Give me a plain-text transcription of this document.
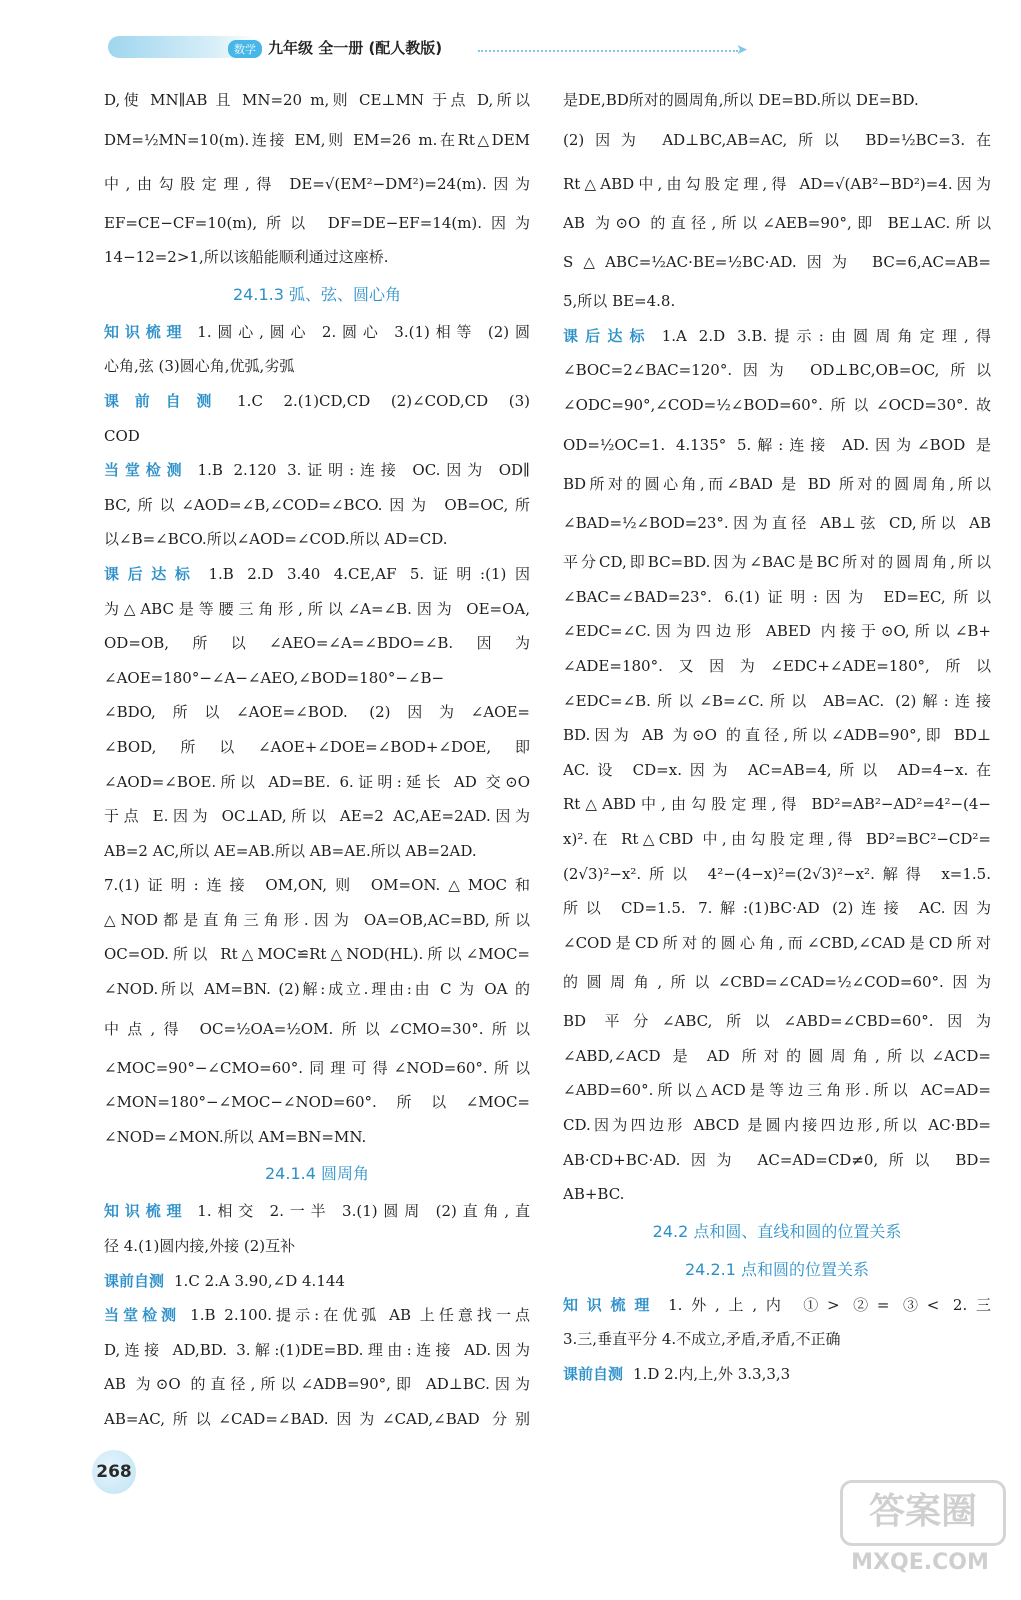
数学 九年级 全一册 (配人教版)	➤
D,使 MN∥AB 且 MN=20 m,则 CE⊥MN 于点 D,所以
DM=½MN=10(m).连接 EM,则 EM=26 m.在Rt△DEM
中,由勾股定理,得 DE=√(EM²−DM²)=24(m).因为
EF=CE−CF=10(m),所以 DF=DE−EF=14(m).因为
14−12=2>1,所以该船能顺利通过这座桥.
24.1.3 弧、弦、圆心角
知识梳理 1.圆心,圆心 2.圆心 3.(1)相等 (2)圆
心角,弦 (3)圆心角,优弧,劣弧
课前自测 1.C 2.(1)CD,CD (2)∠COD,CD (3)
COD
当堂检测 1.B 2.120 3.证明:连接 OC.因为 OD∥
BC,所以∠AOD=∠B,∠COD=∠BCO.因为 OB=OC,所
以∠B=∠BCO.所以∠AOD=∠COD.所以 AD=CD.
课后达标 1.B 2.D 3.40 4.CE,AF 5.证明:(1)因
为△ABC是等腰三角形,所以∠A=∠B.因为 OE=OA,
OD=OB,所以∠AEO=∠A=∠BDO=∠B.因为
∠AOE=180°−∠A−∠AEO,∠BOD=180°−∠B−
∠BDO,所以∠AOE=∠BOD. (2)因为∠AOE=
∠BOD,所以∠AOE+∠DOE=∠BOD+∠DOE,即
∠AOD=∠BOE.所以 AD=BE. 6.证明:延长 AD 交⊙O
于点 E.因为 OC⊥AD,所以 AE=2 AC,AE=2AD.因为
AB=2 AC,所以 AE=AB.所以 AB=AE.所以 AB=2AD.
7.(1)证明:连接 OM,ON,则 OM=ON.△MOC和
△NOD都是直角三角形.因为 OA=OB,AC=BD,所以
OC=OD.所以 Rt△MOC≌Rt△NOD(HL).所以∠MOC=
∠NOD.所以 AM=BN. (2)解:成立.理由:由 C 为 OA 的
中点,得 OC=½OA=½OM.所以∠CMO=30°.所以
∠MOC=90°−∠CMO=60°.同理可得∠NOD=60°.所以
∠MON=180°−∠MOC−∠NOD=60°.所以∠MOC=
∠NOD=∠MON.所以 AM=BN=MN.
24.1.4 圆周角
知识梳理 1.相交 2.一半 3.(1)圆周 (2)直角,直
径 4.(1)圆内接,外接 (2)互补
课前自测 1.C 2.A 3.90,∠D 4.144
当堂检测 1.B 2.100.提示:在优弧 AB 上任意找一点
D,连接 AD,BD. 3.解:(1)DE=BD.理由:连接 AD.因为
AB 为⊙O 的直径,所以∠ADB=90°,即 AD⊥BC.因为
AB=AC,所以∠CAD=∠BAD.因为∠CAD,∠BAD 分别
是DE,BD所对的圆周角,所以 DE=BD.所以 DE=BD.
(2)因为 AD⊥BC,AB=AC,所以 BD=½BC=3.在
Rt△ABD中,由勾股定理,得 AD=√(AB²−BD²)=4.因为
AB 为⊙O 的直径,所以∠AEB=90°,即 BE⊥AC.所以
S△ABC=½AC·BE=½BC·AD.因为 BC=6,AC=AB=
5,所以 BE=4.8.
课后达标 1.A 2.D 3.B.提示:由圆周角定理,得
∠BOC=2∠BAC=120°.因为 OD⊥BC,OB=OC,所以
∠ODC=90°,∠COD=½∠BOD=60°.所以∠OCD=30°.故
OD=½OC=1. 4.135° 5.解:连接 AD.因为∠BOD 是
BD所对的圆心角,而∠BAD 是 BD 所对的圆周角,所以
∠BAD=½∠BOD=23°.因为直径 AB⊥弦 CD,所以 AB
平分CD,即BC=BD.因为∠BAC是BC所对的圆周角,所以
∠BAC=∠BAD=23°. 6.(1)证明:因为 ED=EC,所以
∠EDC=∠C.因为四边形 ABED 内接于⊙O,所以∠B+
∠ADE=180°.又因为∠EDC+∠ADE=180°,所以
∠EDC=∠B.所以∠B=∠C.所以 AB=AC. (2)解:连接
BD.因为 AB 为⊙O 的直径,所以∠ADB=90°,即 BD⊥
AC.设 CD=x.因为 AC=AB=4,所以 AD=4−x.在
Rt△ABD中,由勾股定理,得 BD²=AB²−AD²=4²−(4−
x)².在 Rt△CBD 中,由勾股定理,得 BD²=BC²−CD²=
(2√3)²−x².所以 4²−(4−x)²=(2√3)²−x².解得 x=1.5.
所以 CD=1.5. 7.解:(1)BC·AD (2)连接 AC.因为
∠COD是CD所对的圆心角,而∠CBD,∠CAD是CD所对
的圆周角,所以∠CBD=∠CAD=½∠COD=60°.因为
BD 平分∠ABC,所以∠ABD=∠CBD=60°.因为
∠ABD,∠ACD 是 AD 所对的圆周角,所以∠ACD=
∠ABD=60°.所以△ACD是等边三角形.所以 AC=AD=
CD.因为四边形 ABCD 是圆内接四边形,所以 AC·BD=
AB·CD+BC·AD.因为 AC=AD=CD≠0,所以 BD=
AB+BC.
24.2 点和圆、直线和圆的位置关系
24.2.1 点和圆的位置关系
知识梳理 1.外,上,内 ①> ②= ③< 2.三
3.三,垂直平分 4.不成立,矛盾,矛盾,不正确
课前自测 1.D 2.内,上,外 3.3,3,3
268
答案圈
MXQE.COM
